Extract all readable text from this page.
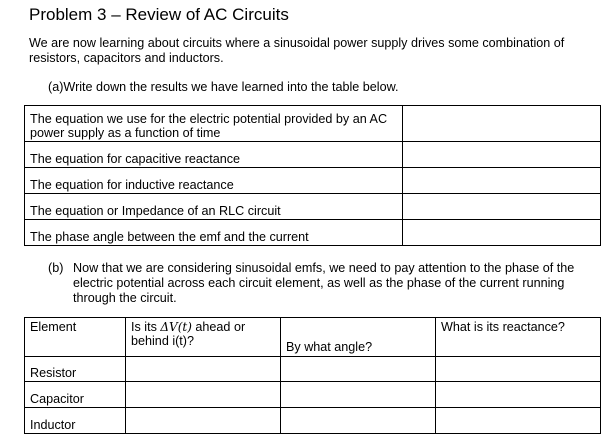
Problem 3 – Review of AC Circuits
We are now learning about circuits where a sinusoidal power supply drives some combination of resistors, capacitors and inductors.
(a)Write down the results we have learned into the table below.
The equation we use for the electric potential provided by an AC power supply as a function of time	
The equation for capacitive reactance	
The equation for inductive reactance	
The equation or Impedance of an RLC circuit	
The phase angle between the emf and the current	
(b) Now that we are considering sinusoidal emfs, we need to pay attention to the phase of the electric potential across each circuit element, as well as the phase of the current running through the circuit.
Element	Is its ΔV(t) ahead or behind i(t)?	By what angle?	What is its reactance?
Resistor			
Capacitor			
Inductor			
